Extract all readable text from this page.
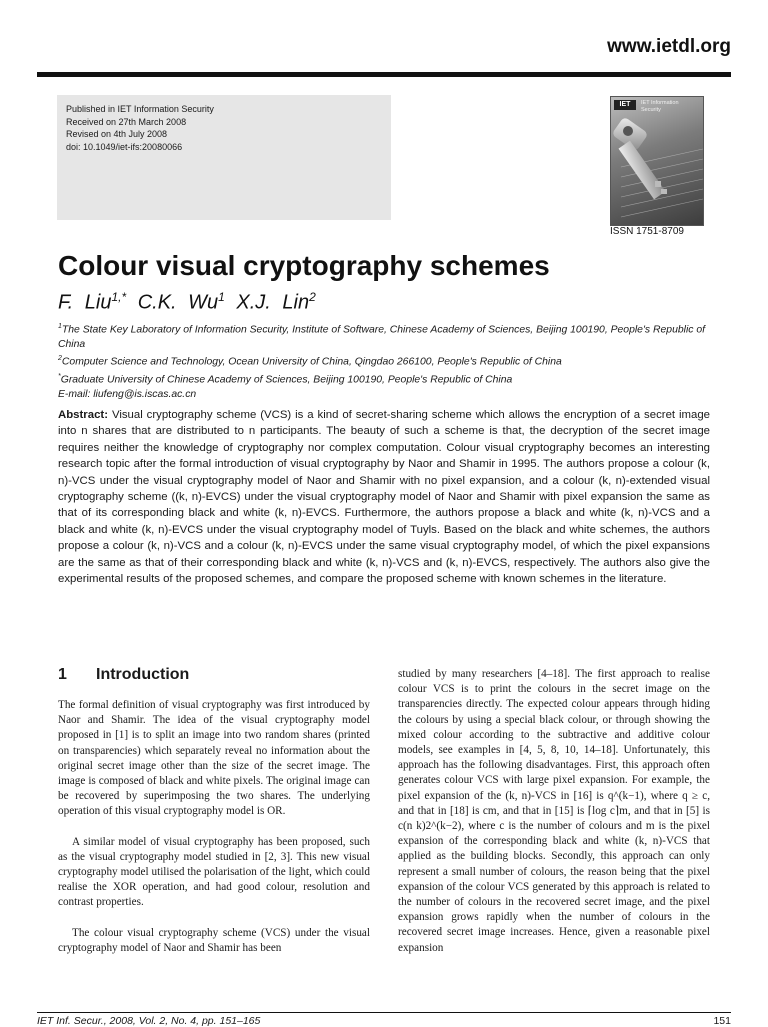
www.ietdl.org
Published in IET Information Security
Received on 27th March 2008
Revised on 4th July 2008
doi: 10.1049/iet-ifs:20080066
IET	IET Information Security
ISSN 1751-8709
Colour visual cryptography schemes
F. Liu$^{1,*}$ C.K. Wu$^1$ X.J. Lin$^2$
$^1$The State Key Laboratory of Information Security, Institute of Software, Chinese Academy of Sciences, Beijing 100190, People's Republic of China
$^2$Computer Science and Technology, Ocean University of China, Qingdao 266100, People's Republic of China
*Graduate University of Chinese Academy of Sciences, Beijing 100190, People's Republic of China
E-mail: liufeng@is.iscas.ac.cn
Abstract: Visual cryptography scheme (VCS) is a kind of secret-sharing scheme which allows the encryption of a secret image into n shares that are distributed to n participants. The beauty of such a scheme is that, the decryption of the secret image requires neither the knowledge of cryptography nor complex computation. Colour visual cryptography becomes an interesting research topic after the formal introduction of visual cryptography by Naor and Shamir in 1995. The authors propose a colour (k, n)-VCS under the visual cryptography model of Naor and Shamir with no pixel expansion, and a colour (k, n)-extended visual cryptography scheme ((k, n)-EVCS) under the visual cryptography model of Naor and Shamir with pixel expansion the same as that of its corresponding black and white (k, n)-EVCS. Furthermore, the authors propose a black and white (k, n)-VCS and a black and white (k, n)-EVCS under the visual cryptography model of Tuyls. Based on the black and white schemes, the authors propose a colour (k, n)-VCS and a colour (k, n)-EVCS under the same visual cryptography model, of which the pixel expansions are the same as that of their corresponding black and white (k, n)-VCS and (k, n)-EVCS, respectively. The authors also give the experimental results of the proposed schemes, and compare the proposed scheme with known schemes in the literature.
1 Introduction

The formal definition of visual cryptography was first introduced by Naor and Shamir. The idea of the visual cryptography model proposed in [1] is to split an image into two random shares (printed on transparencies) which separately reveal no information about the original secret image other than the size of the secret image. The image is composed of black and white pixels. The original image can be recovered by superimposing the two shares. The underlying operation of this visual cryptography model is OR.

A similar model of visual cryptography has been proposed, such as the visual cryptography model studied in [2, 3]. This new visual cryptography model utilised the polarisation of the light, which could realise the XOR operation, and had good colour, resolution and contrast properties.

The colour visual cryptography scheme (VCS) under the visual cryptography model of Naor and Shamir has been

studied by many researchers [4–18]. The first approach to realise colour VCS is to print the colours in the secret image on the transparencies directly. The expected colour appears through hiding the colours by using a special black colour, or through showing the mixed colour according to the subtractive and additive colour models, see examples in [4, 5, 8, 10, 14–18]. Unfortunately, this approach has the following disadvantages. First, this approach often generates colour VCS with large pixel expansion. For example, the pixel expansion of the (k, n)-VCS in [16] is q^(k−1), where q ≥ c, and that in [18] is cm, and that in [15] is ⌈log c⌉m, and that in [5] is c(n k)2^(k−2), where c is the number of colours and m is the pixel expansion of the corresponding black and white (k, n)-VCS that applied as the building blocks. Secondly, this approach can only represent a small number of colours, the reason being that the pixel expansion of the colour VCS generated by this approach is related to the number of colours in the recovered secret image, and the pixel expansion grows rapidly when the number of colours in the recovered secret image increases. Hence, given a reasonable pixel expansion

IET Inf. Secur., 2008, Vol. 2, No. 4, pp. 151–165	151
